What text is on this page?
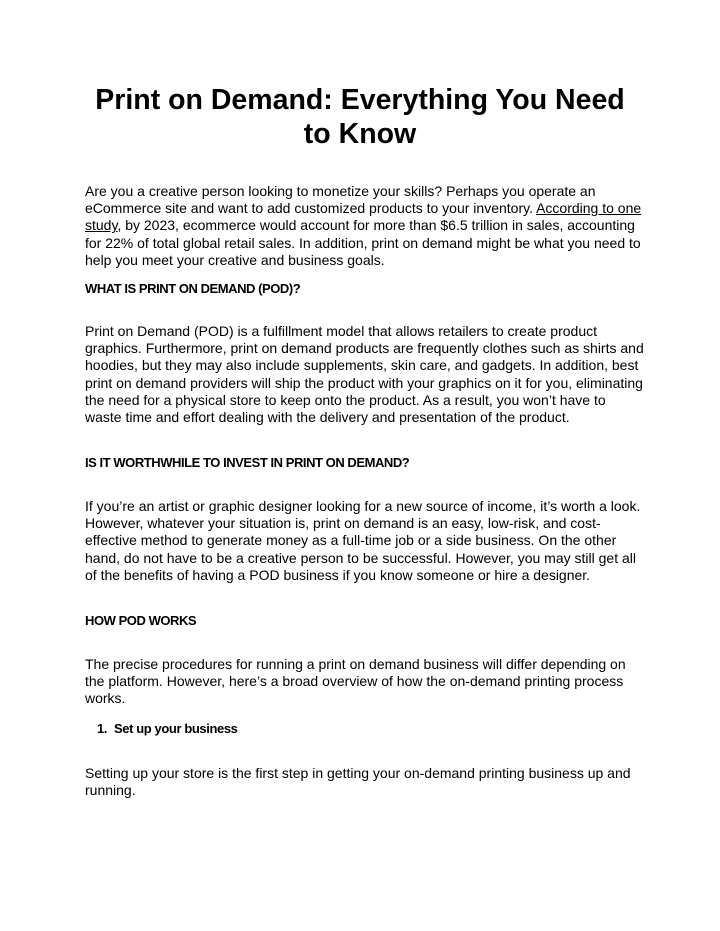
Print on Demand: Everything You Need to Know

Are you a creative person looking to monetize your skills? Perhaps you operate an eCommerce site and want to add customized products to your inventory. According to one study, by 2023, ecommerce would account for more than $6.5 trillion in sales, accounting for 22% of total global retail sales. In addition, print on demand might be what you need to help you meet your creative and business goals.

WHAT IS PRINT ON DEMAND (POD)?

Print on Demand (POD) is a fulfillment model that allows retailers to create product graphics. Furthermore, print on demand products are frequently clothes such as shirts and hoodies, but they may also include supplements, skin care, and gadgets. In addition, best print on demand providers will ship the product with your graphics on it for you, eliminating the need for a physical store to keep onto the product. As a result, you won’t have to waste time and effort dealing with the delivery and presentation of the product.

IS IT WORTHWHILE TO INVEST IN PRINT ON DEMAND?

If you’re an artist or graphic designer looking for a new source of income, it’s worth a look. However, whatever your situation is, print on demand is an easy, low-risk, and cost-effective method to generate money as a full-time job or a side business. On the other hand, do not have to be a creative person to be successful. However, you may still get all of the benefits of having a POD business if you know someone or hire a designer.

HOW POD WORKS

The precise procedures for running a print on demand business will differ depending on the platform. However, here’s a broad overview of how the on-demand printing process works.

1. Set up your business

Setting up your store is the first step in getting your on-demand printing business up and running.
